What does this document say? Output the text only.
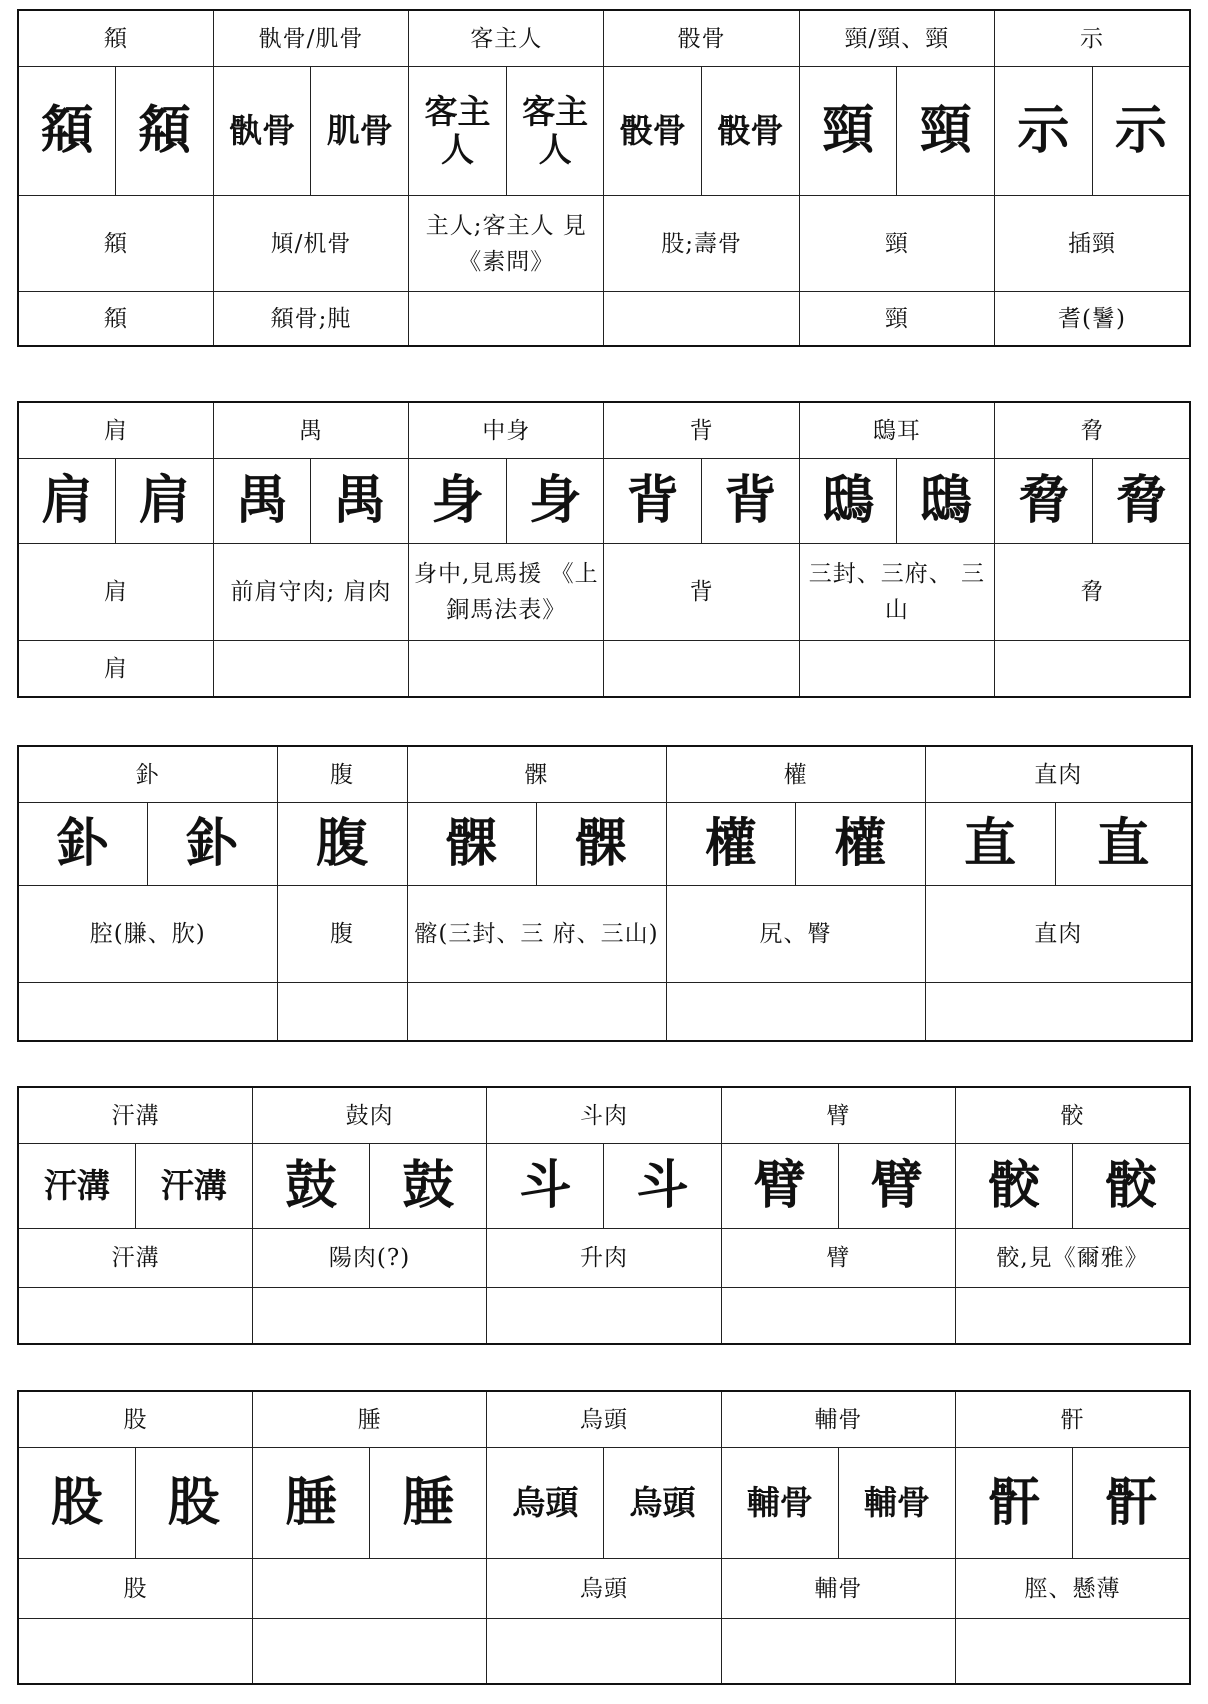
頯		骫骨/肌骨		客主人		骰骨		頸/頸、頸		示	
頯	頯	骫骨	肌骨	客主人	客主人	骰骨	骰骨	頸	頸	示	示
頯		頄/机骨		主人;客主人 見《素問》		股;壽骨		頸		插頸	
頯		頯骨;肫						頸		耆(鬐)	
肩		禺		中身		背		鴟耳		脅	
肩	肩	禺	禺	身	身	背	背	鴟	鴟	脅	脅
肩		前肩守肉; 肩肉		身中,見馬援 《上銅馬法表》		背		三封、三府、 三山		脅	
肩											
釙		腹	髁		權		直肉	
釙	釙	腹	髁	髁	權	權	直	直
腔(膁、肷)		腹	髂(三封、三 府、三山)		尻、臀		直肉	

汗溝		鼓肉		斗肉		臂		骹	
汗溝	汗溝	鼓	鼓	斗	斗	臂	臂	骹	骹
汗溝		陽肉(?)		升肉		臂		骹,見《爾雅》	

股		腄		烏頭		輔骨		骭	
股	股	腄	腄	烏頭	烏頭	輔骨	輔骨	骭	骭
股				烏頭		輔骨		脛、懸薄	
